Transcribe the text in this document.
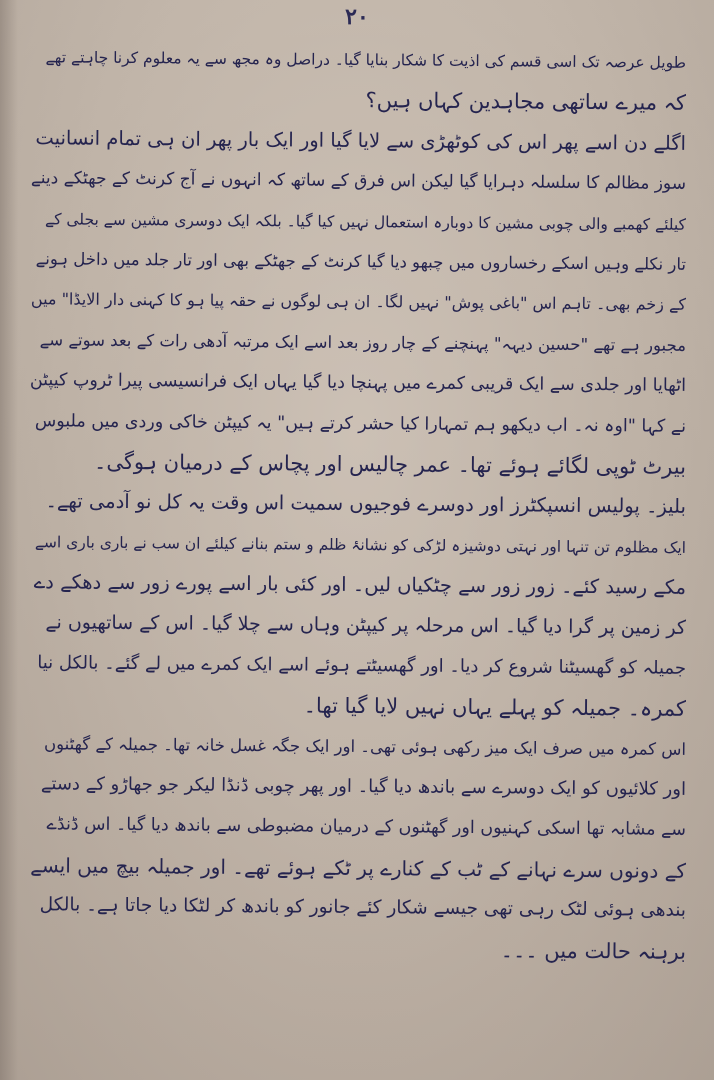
۲۰
طویل عرصہ تک اسی قسم کی اذیت کا شکار بنایا گیا۔ دراصل وہ مجھ سے یہ معلوم کرنا چاہتے تھے
کہ میرے ساتھی مجاہدین کہاں ہیں؟
اگلے دن اسے پھر اس کی کوٹھڑی سے لایا گیا اور ایک بار پھر ان ہی تمام انسانیت
سوز مظالم کا سلسلہ دہرایا گیا لیکن اس فرق کے ساتھ کہ انہوں نے آج کرنٹ کے جھٹکے دینے
کیلئے کھمبے والی چوبی مشین کا دوبارہ استعمال نہیں کیا گیا۔ بلکہ ایک دوسری مشین سے بجلی کے
تار نکلے وہیں اسکے رخساروں میں چبھو دیا گیا کرنٹ کے جھٹکے بھی اور تار جلد میں داخل ہونے
کے زخم بھی۔ تاہم اس "باغی پوش" نہیں لگا۔ ان ہی لوگوں نے حقہ پیا ہو کا کہنی دار الایڈا" میں
مجبور ہے تھے "حسین دیہہ" پہنچنے کے چار روز بعد اسے ایک مرتبہ آدھی رات کے بعد سوتے سے
اٹھایا اور جلدی سے ایک قریبی کمرے میں پہنچا دیا گیا یہاں ایک فرانسیسی پیرا ٹروپ کیپٹن
نے کہا "اوہ نہ۔ اب دیکھو ہم تمہارا کیا حشر کرتے ہیں" یہ کیپٹن خاکی وردی میں ملبوس
بیرٹ ٹوپی لگائے ہوئے تھا۔ عمر چالیس اور پچاس کے درمیان ہوگی۔
بلیز۔ پولیس انسپکٹرز اور دوسرے فوجیوں سمیت اس وقت یہ کل نو آدمی تھے۔
ایک مظلوم تن تنہا اور نہتی دوشیزہ لڑکی کو نشانۂ ظلم و ستم بنانے کیلئے ان سب نے باری باری اسے
مکے رسید کئے۔ زور زور سے چٹکیاں لیں۔ اور کئی بار اسے پورے زور سے دھکے دے
کر زمین پر گرا دیا گیا۔ اس مرحلہ پر کیپٹن وہاں سے چلا گیا۔ اس کے ساتھیوں نے
جمیلہ کو گھسیٹنا شروع کر دیا۔ اور گھسیٹتے ہوئے اسے ایک کمرے میں لے گئے۔ بالکل نیا
کمرہ۔ جمیلہ کو پہلے یہاں نہیں لایا گیا تھا۔
اس کمرہ میں صرف ایک میز رکھی ہوئی تھی۔ اور ایک جگہ غسل خانہ تھا۔ جمیلہ کے گھٹنوں
اور کلائیوں کو ایک دوسرے سے باندھ دیا گیا۔ اور پھر چوبی ڈنڈا لیکر جو جھاڑو کے دستے
سے مشابہ تھا اسکی کہنیوں اور گھٹنوں کے درمیان مضبوطی سے باندھ دیا گیا۔ اس ڈنڈے
کے دونوں سرے نہانے کے ٹب کے کنارے پر ٹکے ہوئے تھے۔ اور جمیلہ بیچ میں ایسے
بندھی ہوئی لٹک رہی تھی جیسے شکار کئے جانور کو باندھ کر لٹکا دیا جاتا ہے۔ بالکل
برہنہ حالت میں ۔۔۔
